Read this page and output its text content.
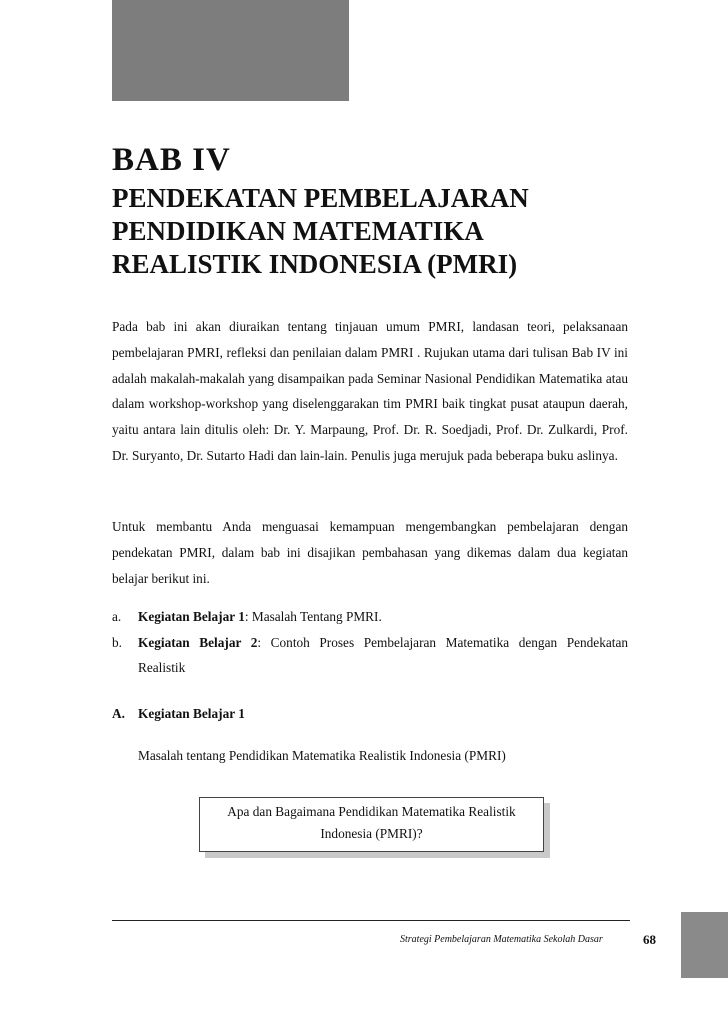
BAB IV
PENDEKATAN PEMBELAJARAN
PENDIDIKAN MATEMATIKA
REALISTIK INDONESIA (PMRI)
Pada bab ini akan diuraikan tentang tinjauan umum PMRI, landasan teori, pelaksanaan pembelajaran PMRI, refleksi dan penilaian dalam PMRI . Rujukan utama dari tulisan Bab IV ini adalah makalah-makalah yang disampaikan pada Seminar Nasional Pendidikan Matematika atau dalam workshop-workshop yang diselenggarakan tim PMRI baik tingkat pusat ataupun daerah, yaitu antara lain ditulis oleh: Dr. Y. Marpaung, Prof. Dr. R. Soedjadi, Prof. Dr. Zulkardi, Prof. Dr. Suryanto, Dr. Sutarto Hadi dan lain-lain. Penulis juga merujuk pada beberapa buku aslinya.
Untuk membantu Anda menguasai kemampuan mengembangkan pembelajaran dengan pendekatan PMRI, dalam bab ini disajikan pembahasan yang dikemas dalam dua kegiatan belajar berikut ini.
a.	Kegiatan Belajar 1: Masalah Tentang PMRI.
b.	Kegiatan Belajar 2: Contoh Proses Pembelajaran Matematika dengan Pendekatan Realistik
A. Kegiatan Belajar 1
Masalah tentang Pendidikan Matematika Realistik Indonesia (PMRI)
Apa dan Bagaimana Pendidikan Matematika Realistik
Indonesia (PMRI)?
Strategi Pembelajaran Matematika Sekolah Dasar	68
